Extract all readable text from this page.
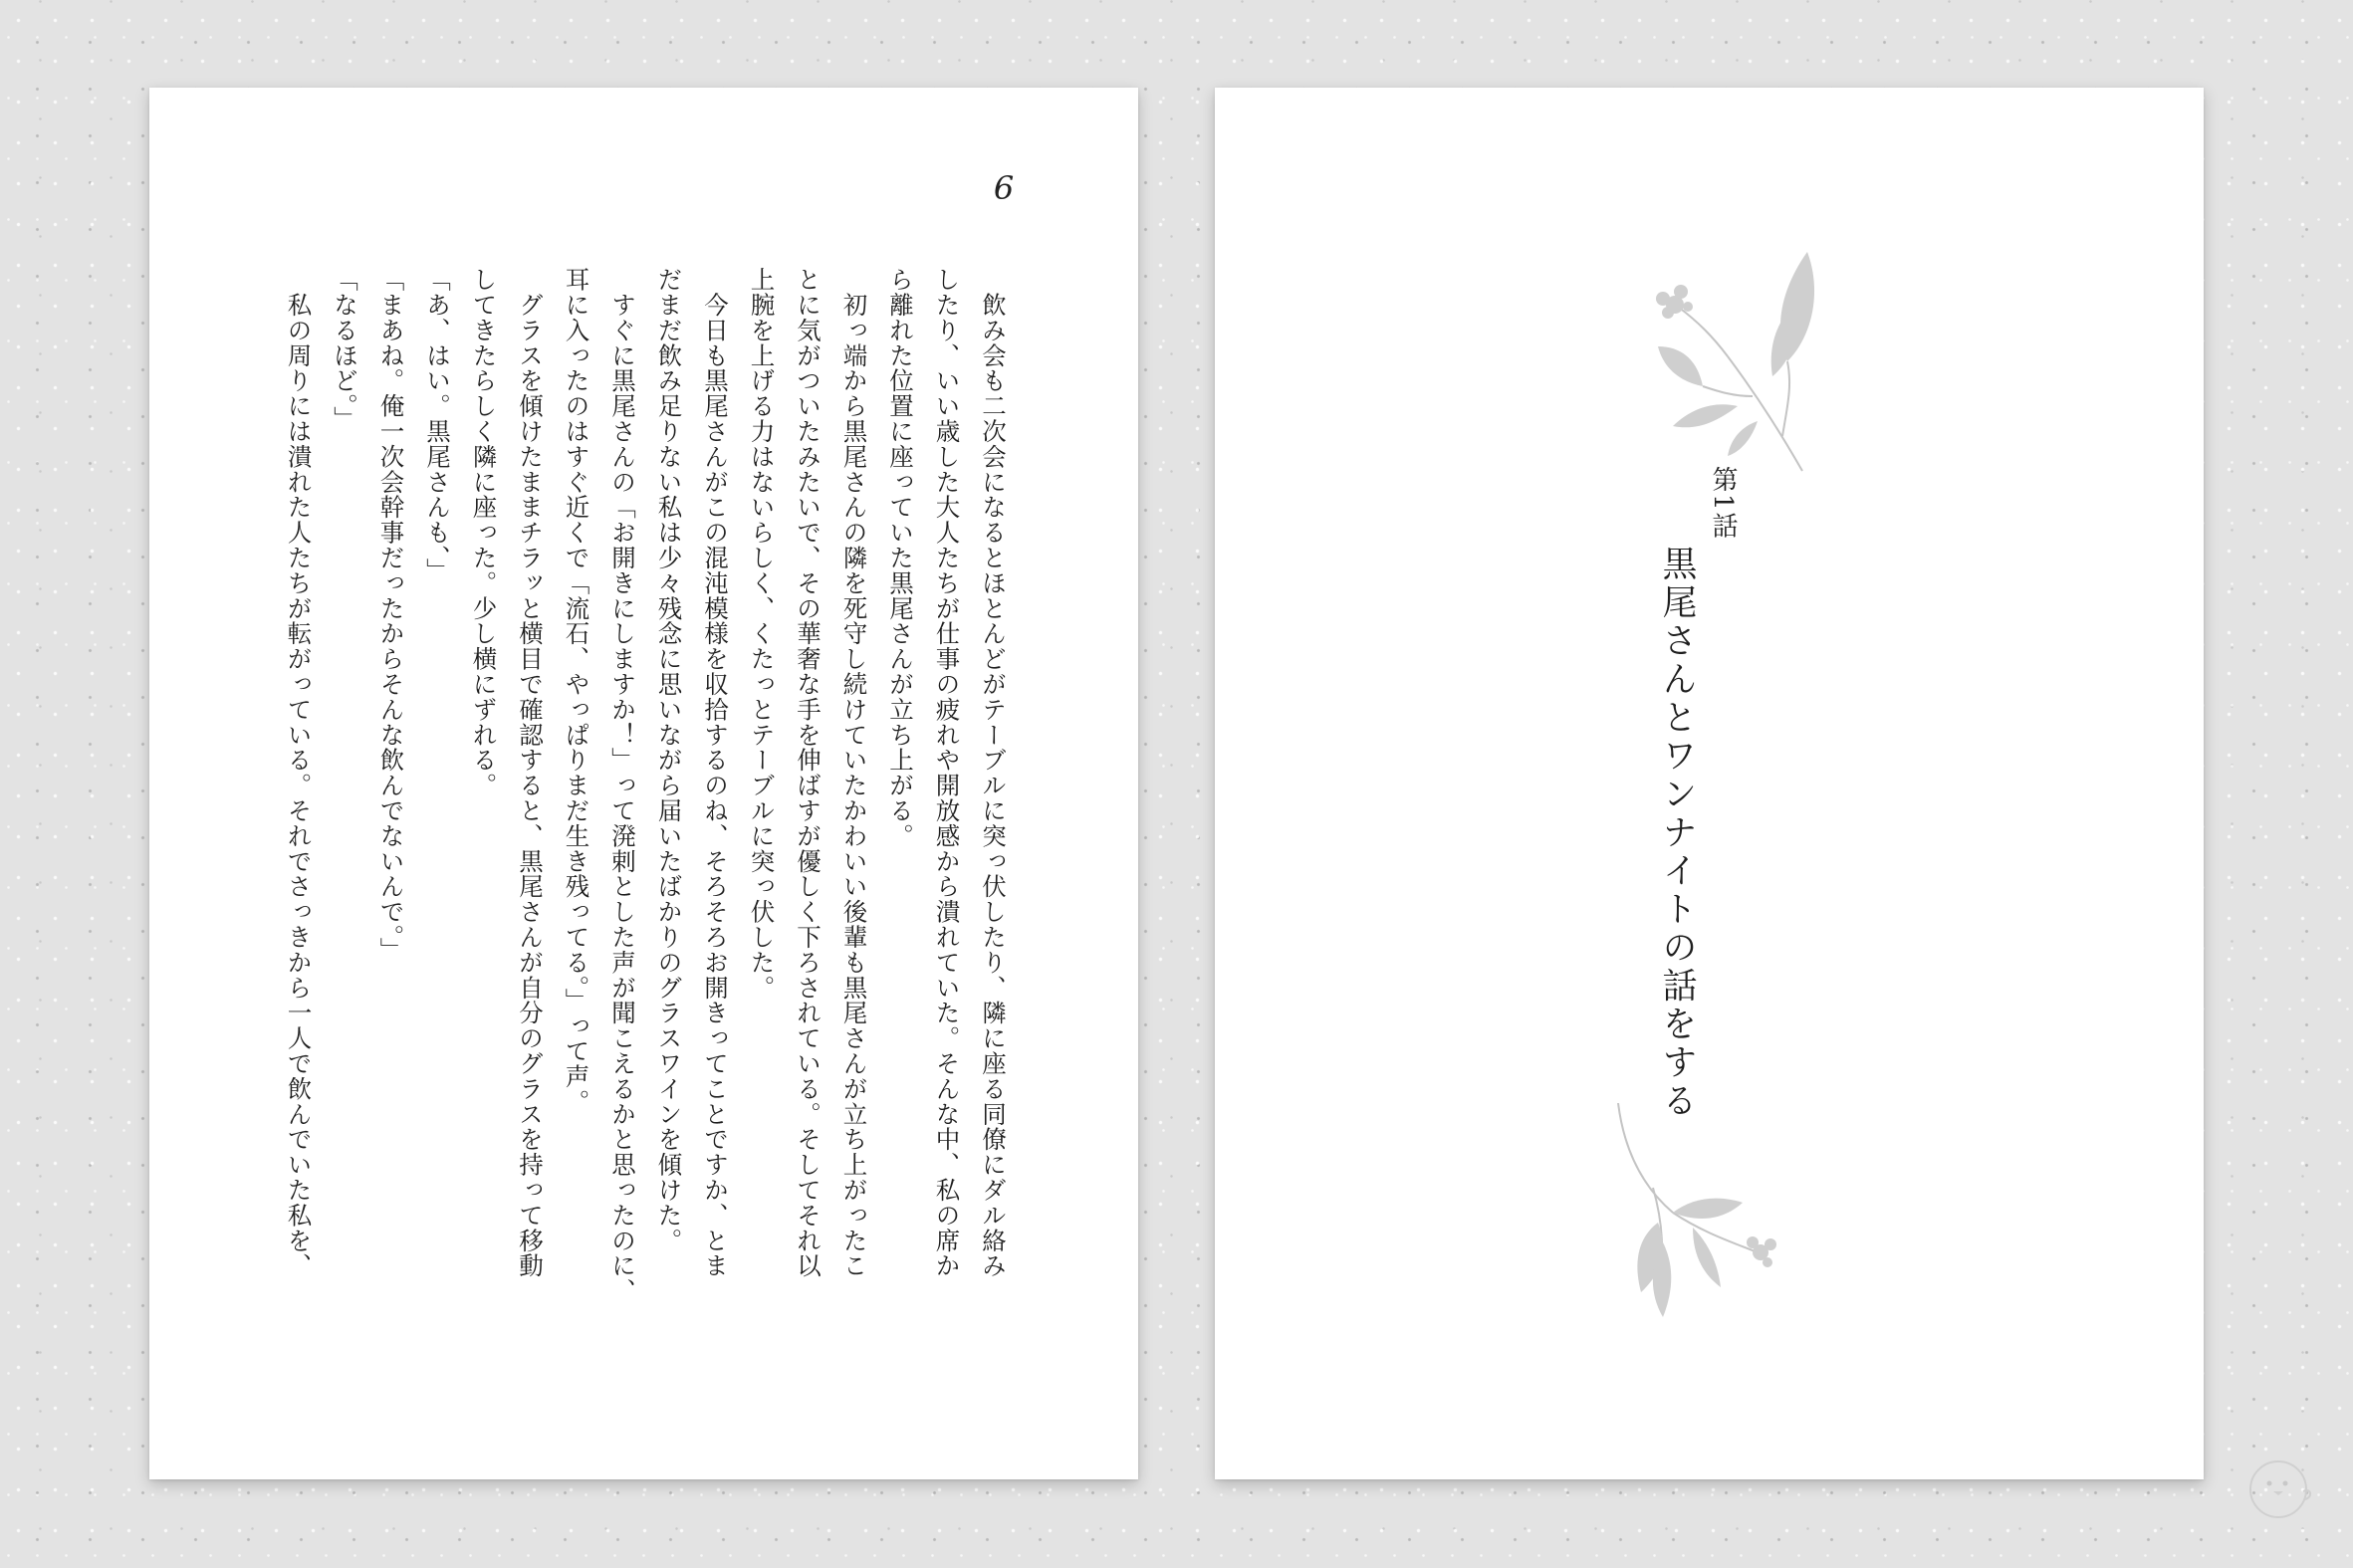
6

　飲み会も二次会になるとほとんどがテーブルに突っ伏したり、隣に座る同僚にダル絡み

したり、いい歳した大人たちが仕事の疲れや開放感から潰れていた。そんな中、私の席か

ら離れた位置に座っていた黒尾さんが立ち上がる。

　初っ端から黒尾さんの隣を死守し続けていたかわいい後輩も黒尾さんが立ち上がったこ

とに気がついたみたいで、その華奢な手を伸ばすが優しく下ろされている。そしてそれ以

上腕を上げる力はないらしく、くたっとテーブルに突っ伏した。

　今日も黒尾さんがこの混沌模様を収拾するのね、そろそろお開きってことですか、とま

だまだ飲み足りない私は少々残念に思いながら届いたばかりのグラスワインを傾けた。

　すぐに黒尾さんの「お開きにしますか！」って溌剌とした声が聞こえるかと思ったのに、

耳に入ったのはすぐ近くで「流石、やっぱりまだ生き残ってる。」って声。

　グラスを傾けたままチラッと横目で確認すると、黒尾さんが自分のグラスを持って移動

してきたらしく隣に座った。少し横にずれる。

「あ、はい。黒尾さんも、」

「まあね。俺一次会幹事だったからそんな飲んでないんで。」

「なるほど。」

　私の周りには潰れた人たちが転がっている。それでさっきから一人で飲んでいた私を、	第1話
黒尾さんとワンナイトの話をする
